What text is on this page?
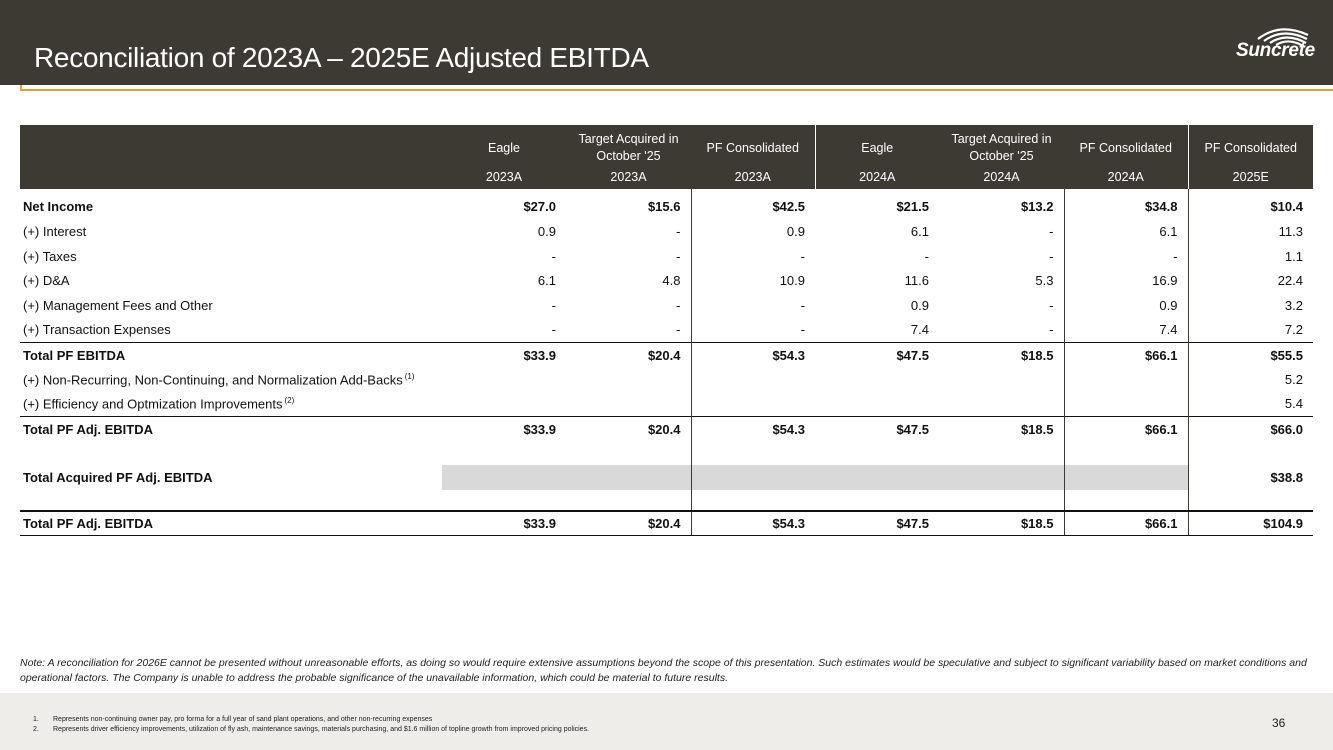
Reconciliation of 2023A – 2025E Adjusted EBITDA	Suncrete
	Eagle	Target Acquired in October '25	PF Consolidated	Eagle	Target Acquired in October '25	PF Consolidated	PF Consolidated
	2023A	2023A	2023A	2024A	2024A	2024A	2025E
Net Income	$27.0	$15.6	$42.5	$21.5	$13.2	$34.8	$10.4
(+) Interest	0.9	-	0.9	6.1	-	6.1	11.3
(+) Taxes	-	-	-	-	-	-	1.1
(+) D&A	6.1	4.8	10.9	11.6	5.3	16.9	22.4
(+) Management Fees and Other	-	-	-	0.9	-	0.9	3.2
(+) Transaction Expenses	-	-	-	7.4	-	7.4	7.2
Total PF EBITDA	$33.9	$20.4	$54.3	$47.5	$18.5	$66.1	$55.5
(+) Non-Recurring, Non-Continuing, and Normalization Add-Backs $^{(1)}$							5.2
(+) Efficiency and Optmization Improvements $^{(2)}$							5.4
Total PF Adj. EBITDA	$33.9	$20.4	$54.3	$47.5	$18.5	$66.1	$66.0

Total Acquired PF Adj. EBITDA							$38.8

Total PF Adj. EBITDA	$33.9	$20.4	$54.3	$47.5	$18.5	$66.1	$104.9
Note: A reconciliation for 2026E cannot be presented without unreasonable efforts, as doing so would require extensive assumptions beyond the scope of this presentation. Such estimates would be speculative and subject to significant variability based on market conditions and operational factors. The Company is unable to address the probable significance of the unavailable information, which could be material to future results.
1. Represents non-continuing owner pay, pro forma for a full year of sand plant operations, and other non-recurring expenses
2. Represents driver efficiency improvements, utilization of fly ash, maintenance savings, materials purchasing, and $1.6 million of topline growth from improved pricing policies.	36
